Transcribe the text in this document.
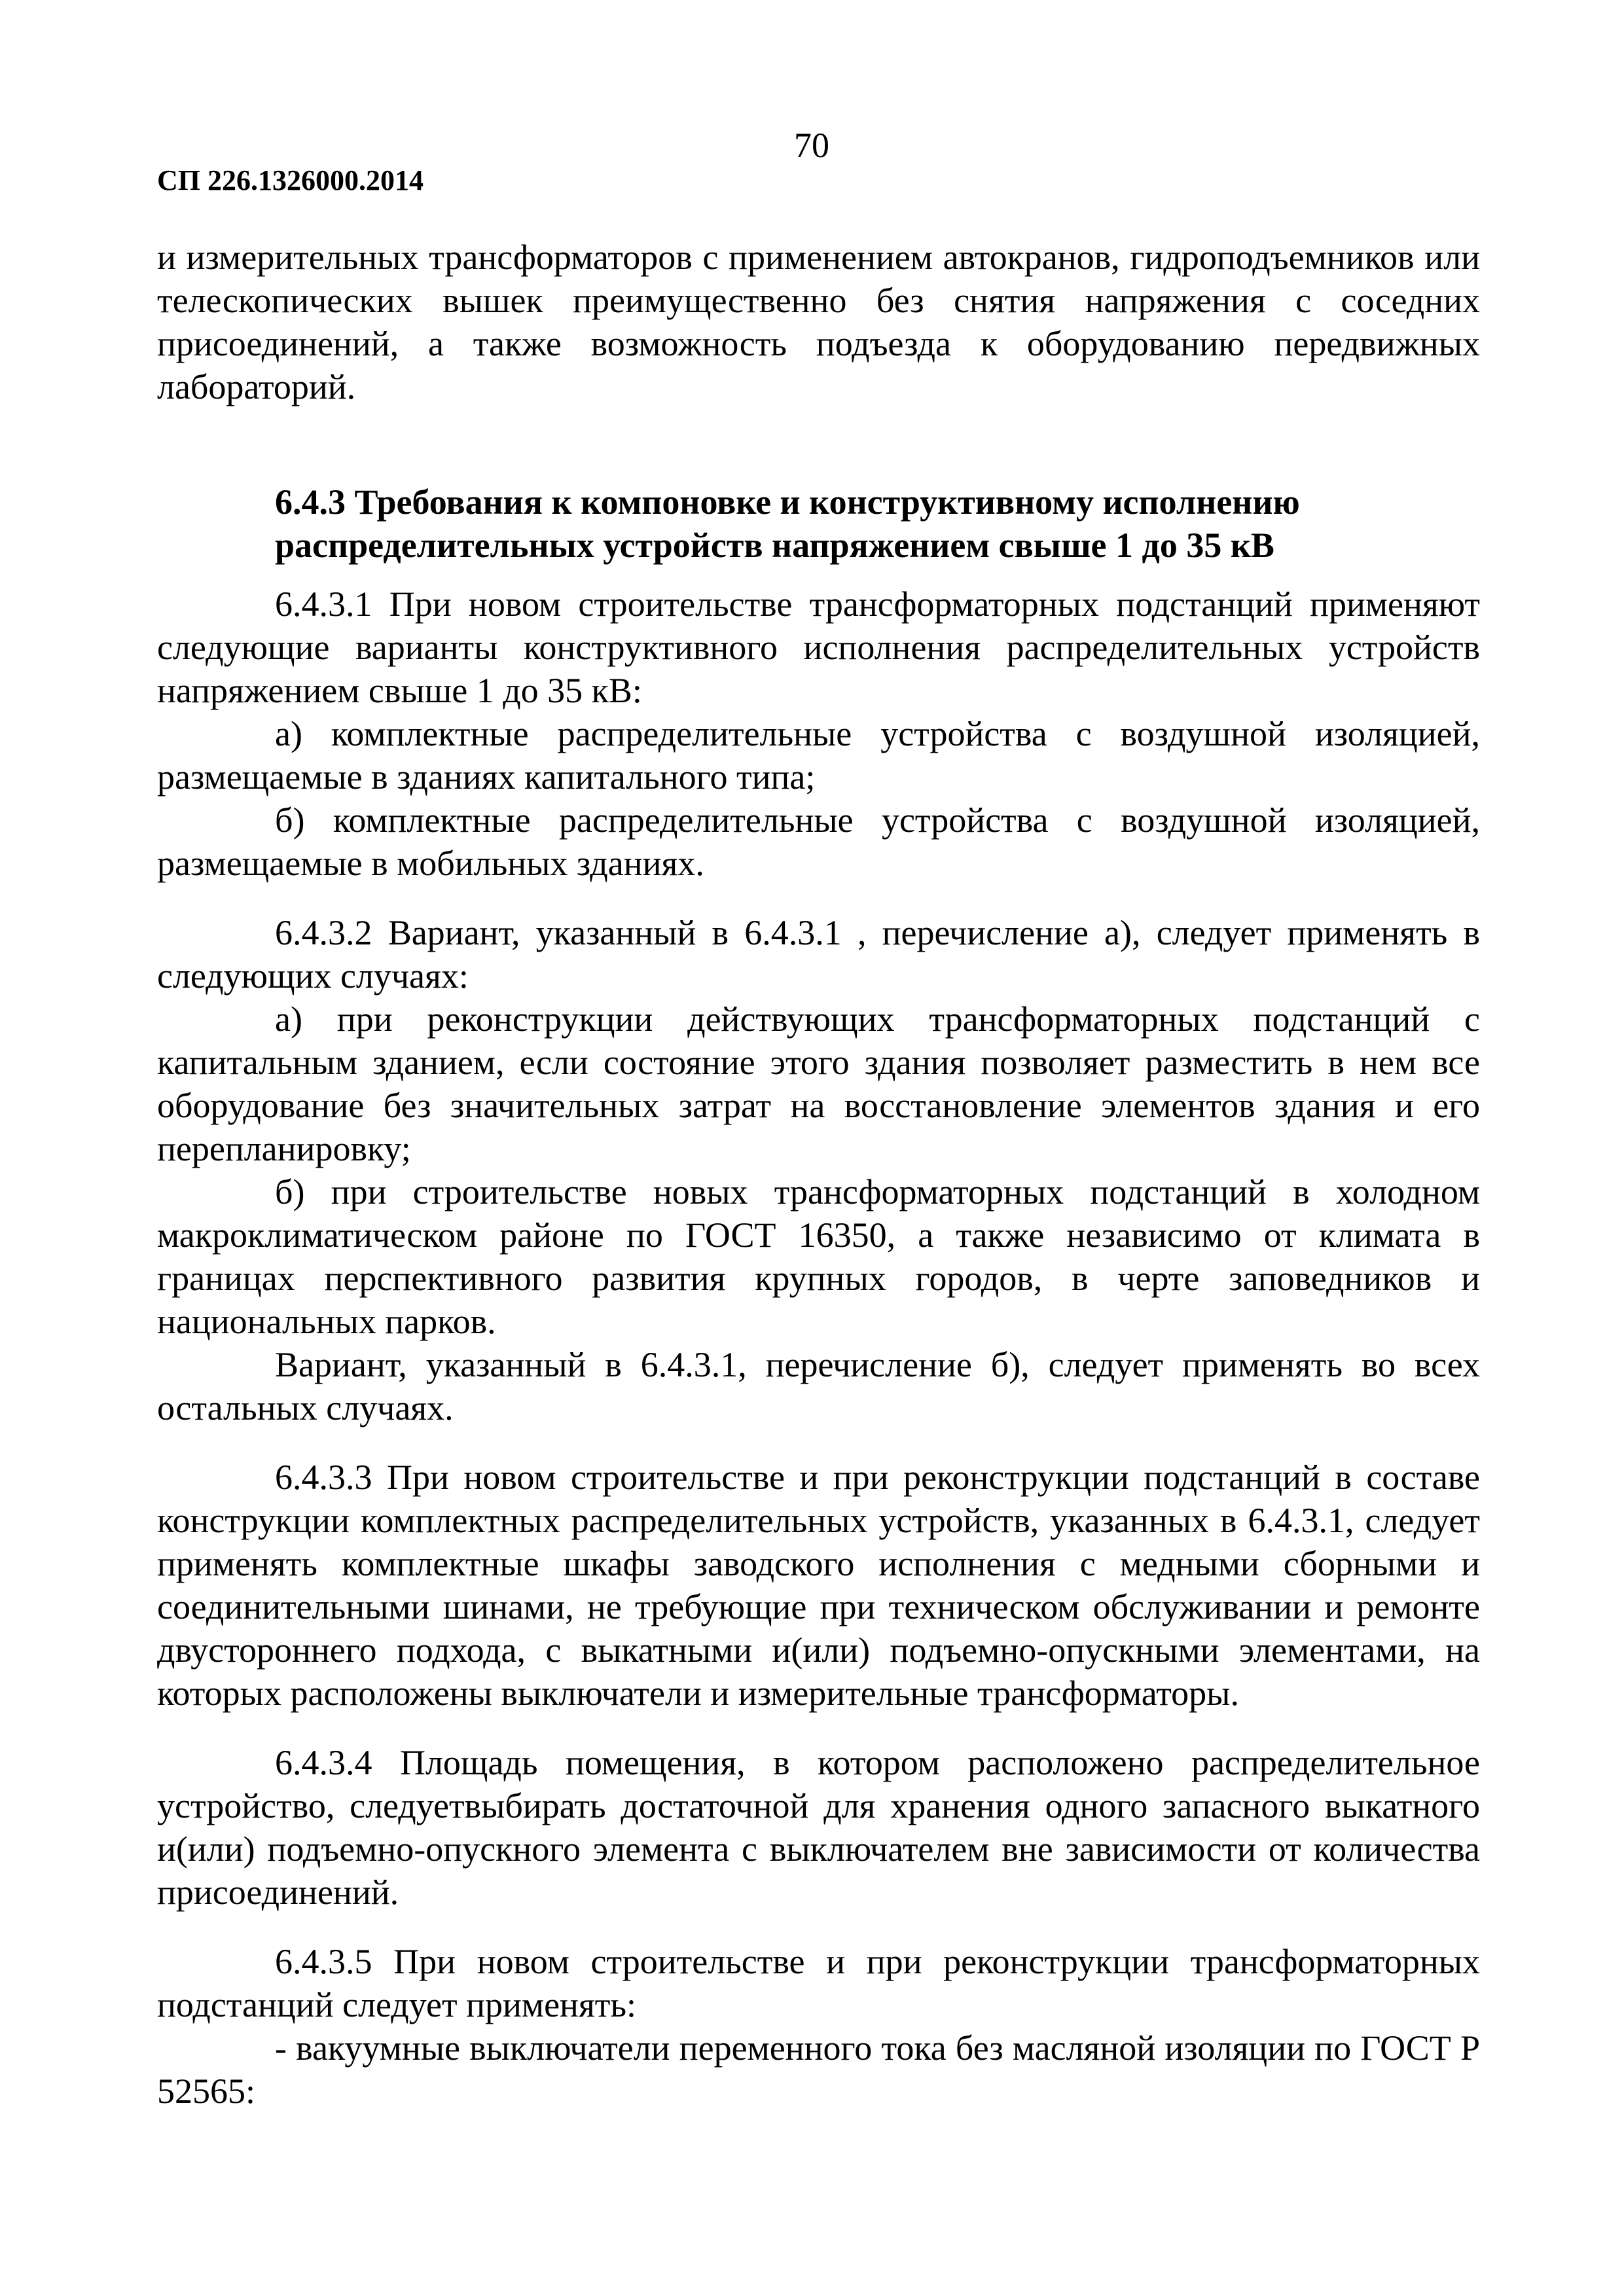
70
СП 226.1326000.2014

и измерительных трансформаторов с применением автокранов, гидроподъемников или телескопических вышек преимущественно без снятия напряжения с соседних присоединений, а также возможность подъезда к оборудованию передвижных лабораторий.

6.4.3 Требования к компоновке и конструктивному исполнению
распределительных устройств напряжением свыше 1 до 35 кВ

6.4.3.1 При новом строительстве трансформаторных подстанций применяют следующие варианты конструктивного исполнения распределительных устройств напряжением свыше 1 до 35 кВ:

а) комплектные распределительные устройства с воздушной изоляцией, размещаемые в зданиях капитального типа;

б) комплектные распределительные устройства с воздушной изоляцией, размещаемые в мобильных зданиях.

6.4.3.2 Вариант, указанный в 6.4.3.1 , перечисление а), следует применять в следующих случаях:

а) при реконструкции действующих трансформаторных подстанций с капитальным зданием, если состояние этого здания позволяет разместить в нем все оборудование без значительных затрат на восстановление элементов здания и его перепланировку;

б) при строительстве новых трансформаторных подстанций в холодном макроклиматическом районе по ГОСТ 16350, а также независимо от климата в границах перспективного развития крупных городов, в черте заповедников и национальных парков.

Вариант, указанный в 6.4.3.1, перечисление б), следует применять во всех остальных случаях.

6.4.3.3 При новом строительстве и при реконструкции подстанций в составе конструкции комплектных распределительных устройств, указанных в 6.4.3.1, следует применять комплектные шкафы заводского исполнения с медными сборными и соединительными шинами, не требующие при техническом обслуживании и ремонте двустороннего подхода, с выкатными и(или) подъемно-опускными элементами, на которых расположены выключатели и измерительные трансформаторы.

6.4.3.4 Площадь помещения, в котором расположено распределительное устройство, следуетвыбирать достаточной для хранения одного запасного выкатного и(или) подъемно-опускного элемента с выключателем вне зависимости от количества присоединений.

6.4.3.5 При новом строительстве и при реконструкции трансформаторных подстанций следует применять:

- вакуумные выключатели переменного тока без масляной изоляции по ГОСТ Р 52565:
